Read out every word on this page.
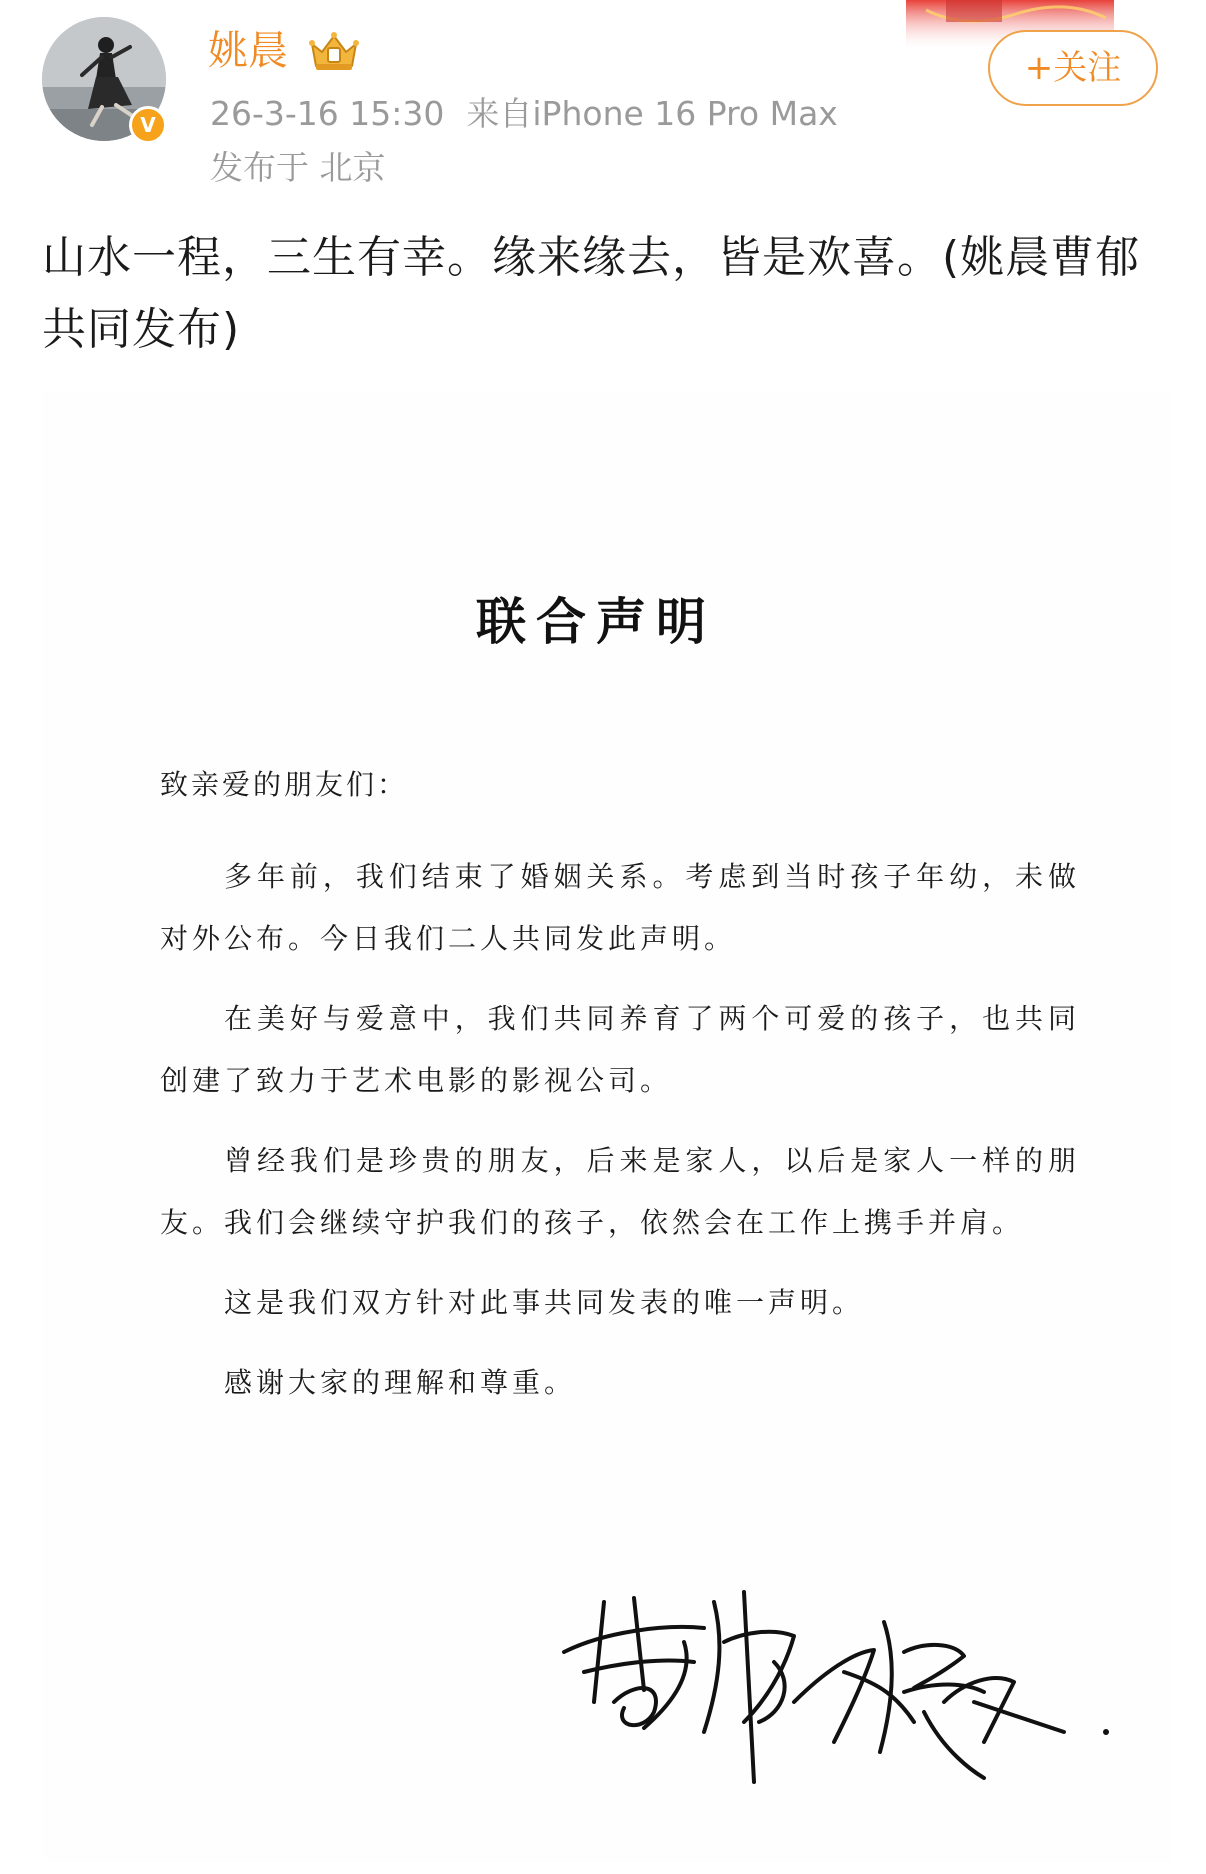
V
姚晨
26-3-16 15:30 来自iPhone 16 Pro Max
发布于 北京
+关注
山水一程，三生有幸。缘来缘去，皆是欢喜。(姚晨曹郁共同发布)
联合声明

致亲爱的朋友们：

多年前，我们结束了婚姻关系。考虑到当时孩子年幼，未做对外公布。今日我们二人共同发此声明。

在美好与爱意中，我们共同养育了两个可爱的孩子，也共同创建了致力于艺术电影的影视公司。

曾经我们是珍贵的朋友，后来是家人，以后是家人一样的朋友。我们会继续守护我们的孩子，依然会在工作上携手并肩。

这是我们双方针对此事共同发表的唯一声明。

感谢大家的理解和尊重。
